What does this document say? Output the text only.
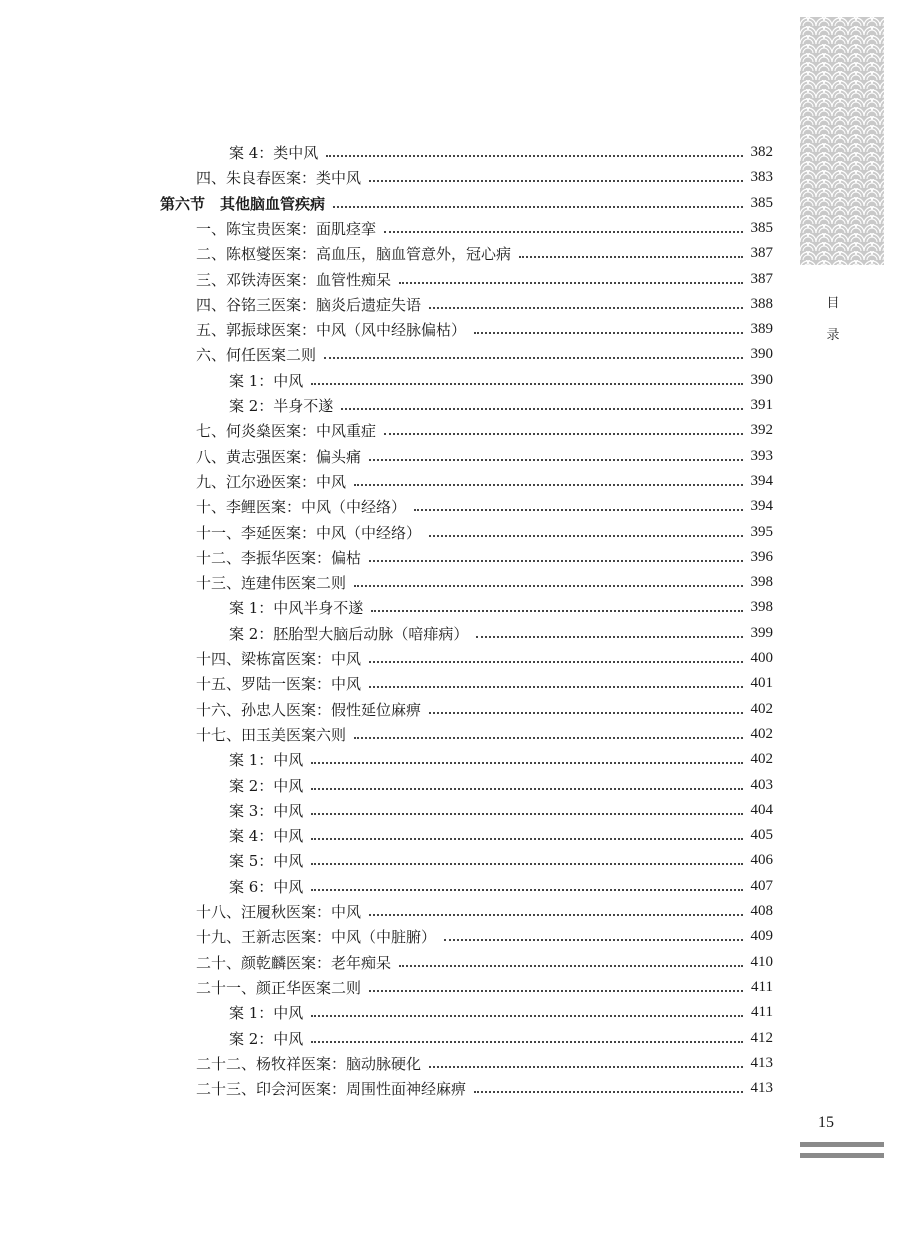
目录
案 4：类中风	382
四、朱良春医案：类中风	383
第六节　其他脑血管疾病	385
一、陈宝贵医案：面肌痉挛	385
二、陈枢燮医案：高血压，脑血管意外，冠心病	387
三、邓铁涛医案：血管性痴呆	387
四、谷铭三医案：脑炎后遗症失语	388
五、郭振球医案：中风（风中经脉偏枯）	389
六、何任医案二则	390
案 1：中风	390
案 2：半身不遂	391
七、何炎燊医案：中风重症	392
八、黄志强医案：偏头痛	393
九、江尔逊医案：中风	394
十、李鲤医案：中风（中经络）	394
十一、李延医案：中风（中经络）	395
十二、李振华医案：偏枯	396
十三、连建伟医案二则	398
案 1：中风半身不遂	398
案 2：胚胎型大脑后动脉（喑痱病）	399
十四、梁栋富医案：中风	400
十五、罗陆一医案：中风	401
十六、孙忠人医案：假性延位麻痹	402
十七、田玉美医案六则	402
案 1：中风	402
案 2：中风	403
案 3：中风	404
案 4：中风	405
案 5：中风	406
案 6：中风	407
十八、汪履秋医案：中风	408
十九、王新志医案：中风（中脏腑）	409
二十、颜乾麟医案：老年痴呆	410
二十一、颜正华医案二则	411
案 1：中风	411
案 2：中风	412
二十二、杨牧祥医案：脑动脉硬化	413
二十三、印会河医案：周围性面神经麻痹	413
15
